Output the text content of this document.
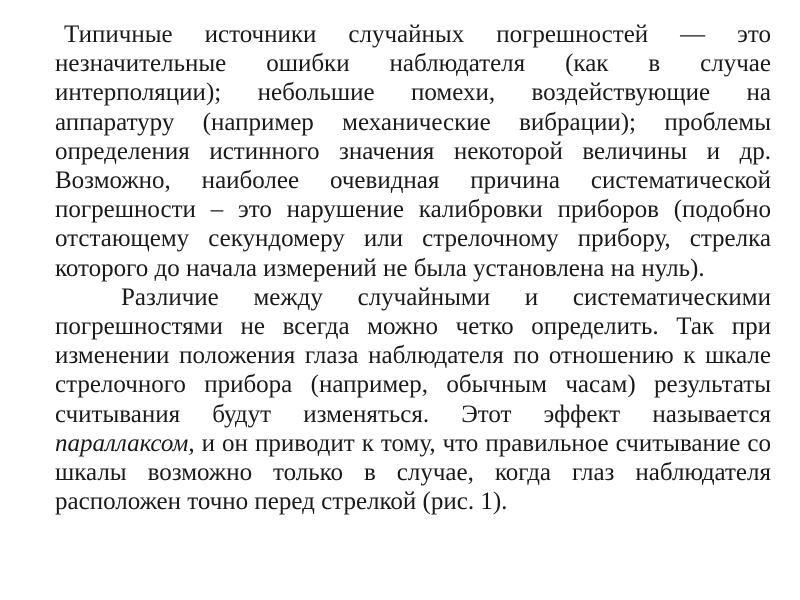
Типичные источники случайных погрешностей — это незначительные ошибки наблюдателя (как в случае интерполяции); небольшие помехи, воздействующие на аппаратуру (например механические вибрации); проблемы определения истинного значения некоторой величины и др. Возможно, наиболее очевидная причина систематической погрешности – это нарушение калибровки приборов (подобно отстающему секундомеру или стрелочному прибору, стрелка которого до начала измерений не была установлена на нуль).

Различие между случайными и систематическими погрешностями не всегда можно четко определить. Так при изменении положения глаза наблюдателя по отношению к шкале стрелочного прибора (например, обычным часам) результаты считывания будут изменяться. Этот эффект называется параллаксом, и он приводит к тому, что правильное считывание со шкалы возможно только в случае, когда глаз наблюдателя расположен точно перед стрелкой (рис. 1).
